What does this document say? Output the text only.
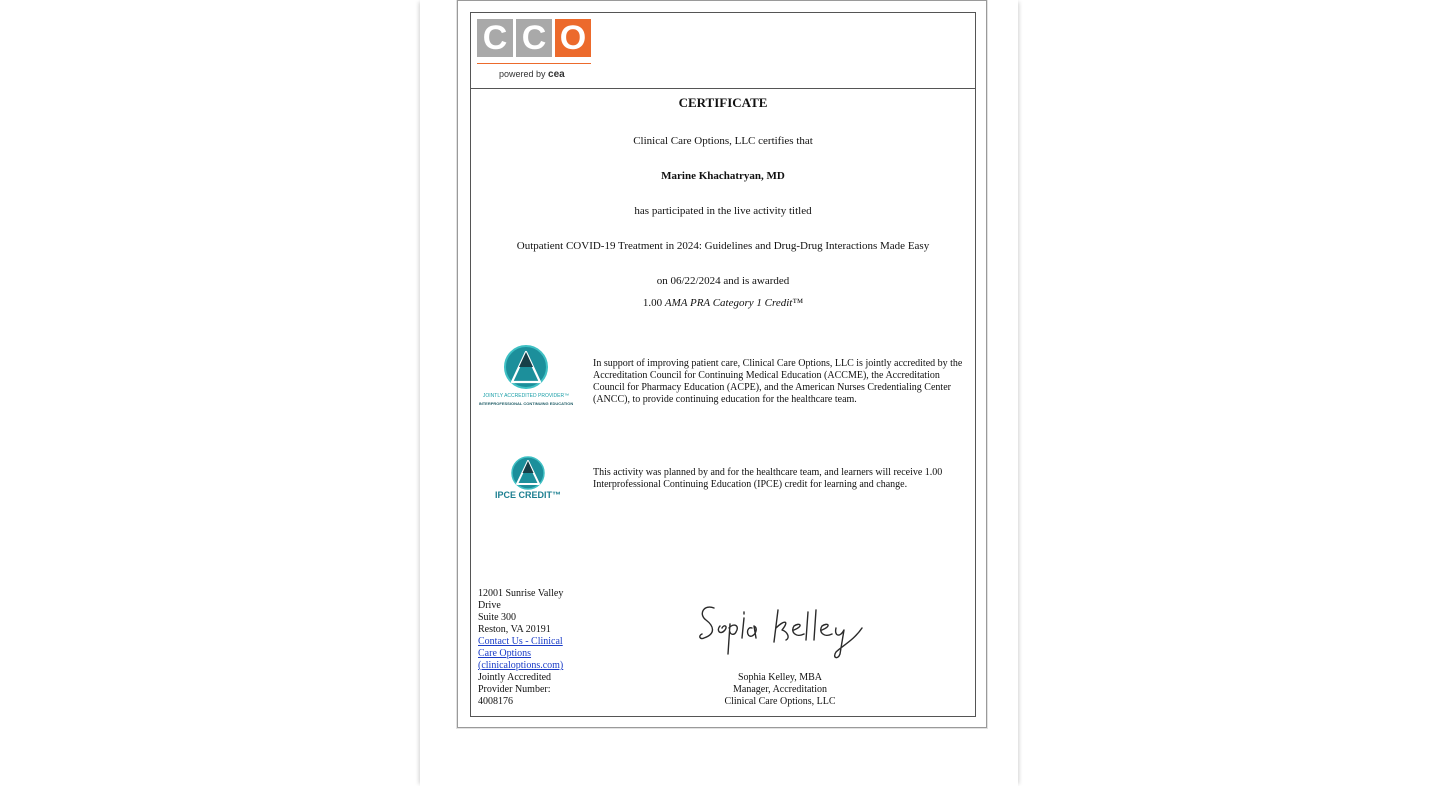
C C O
powered by cea
CERTIFICATE
Clinical Care Options, LLC certifies that
Marine Khachatryan, MD
has participated in the live activity titled
Outpatient COVID-19 Treatment in 2024: Guidelines and Drug-Drug Interactions Made Easy
on 06/22/2024 and is awarded
1.00 AMA PRA Category 1 Credit™
JOINTLY ACCREDITED PROVIDER™
INTERPROFESSIONAL CONTINUING EDUCATION
In support of improving patient care, Clinical Care Options, LLC is jointly accredited by the Accreditation Council for Continuing Medical Education (ACCME), the Accreditation Council for Pharmacy Education (ACPE), and the American Nurses Credentialing Center (ANCC), to provide continuing education for the healthcare team.
IPCE CREDIT™
This activity was planned by and for the healthcare team, and learners will receive 1.00 Interprofessional Continuing Education (IPCE) credit for learning and change.
12001 Sunrise Valley
Drive
Suite 300
Reston, VA 20191
Contact Us - Clinical
Care Options
(clinicaloptions.com)
Jointly Accredited
Provider Number:
4008176
Sophia Kelley, MBA
Manager, Accreditation
Clinical Care Options, LLC
